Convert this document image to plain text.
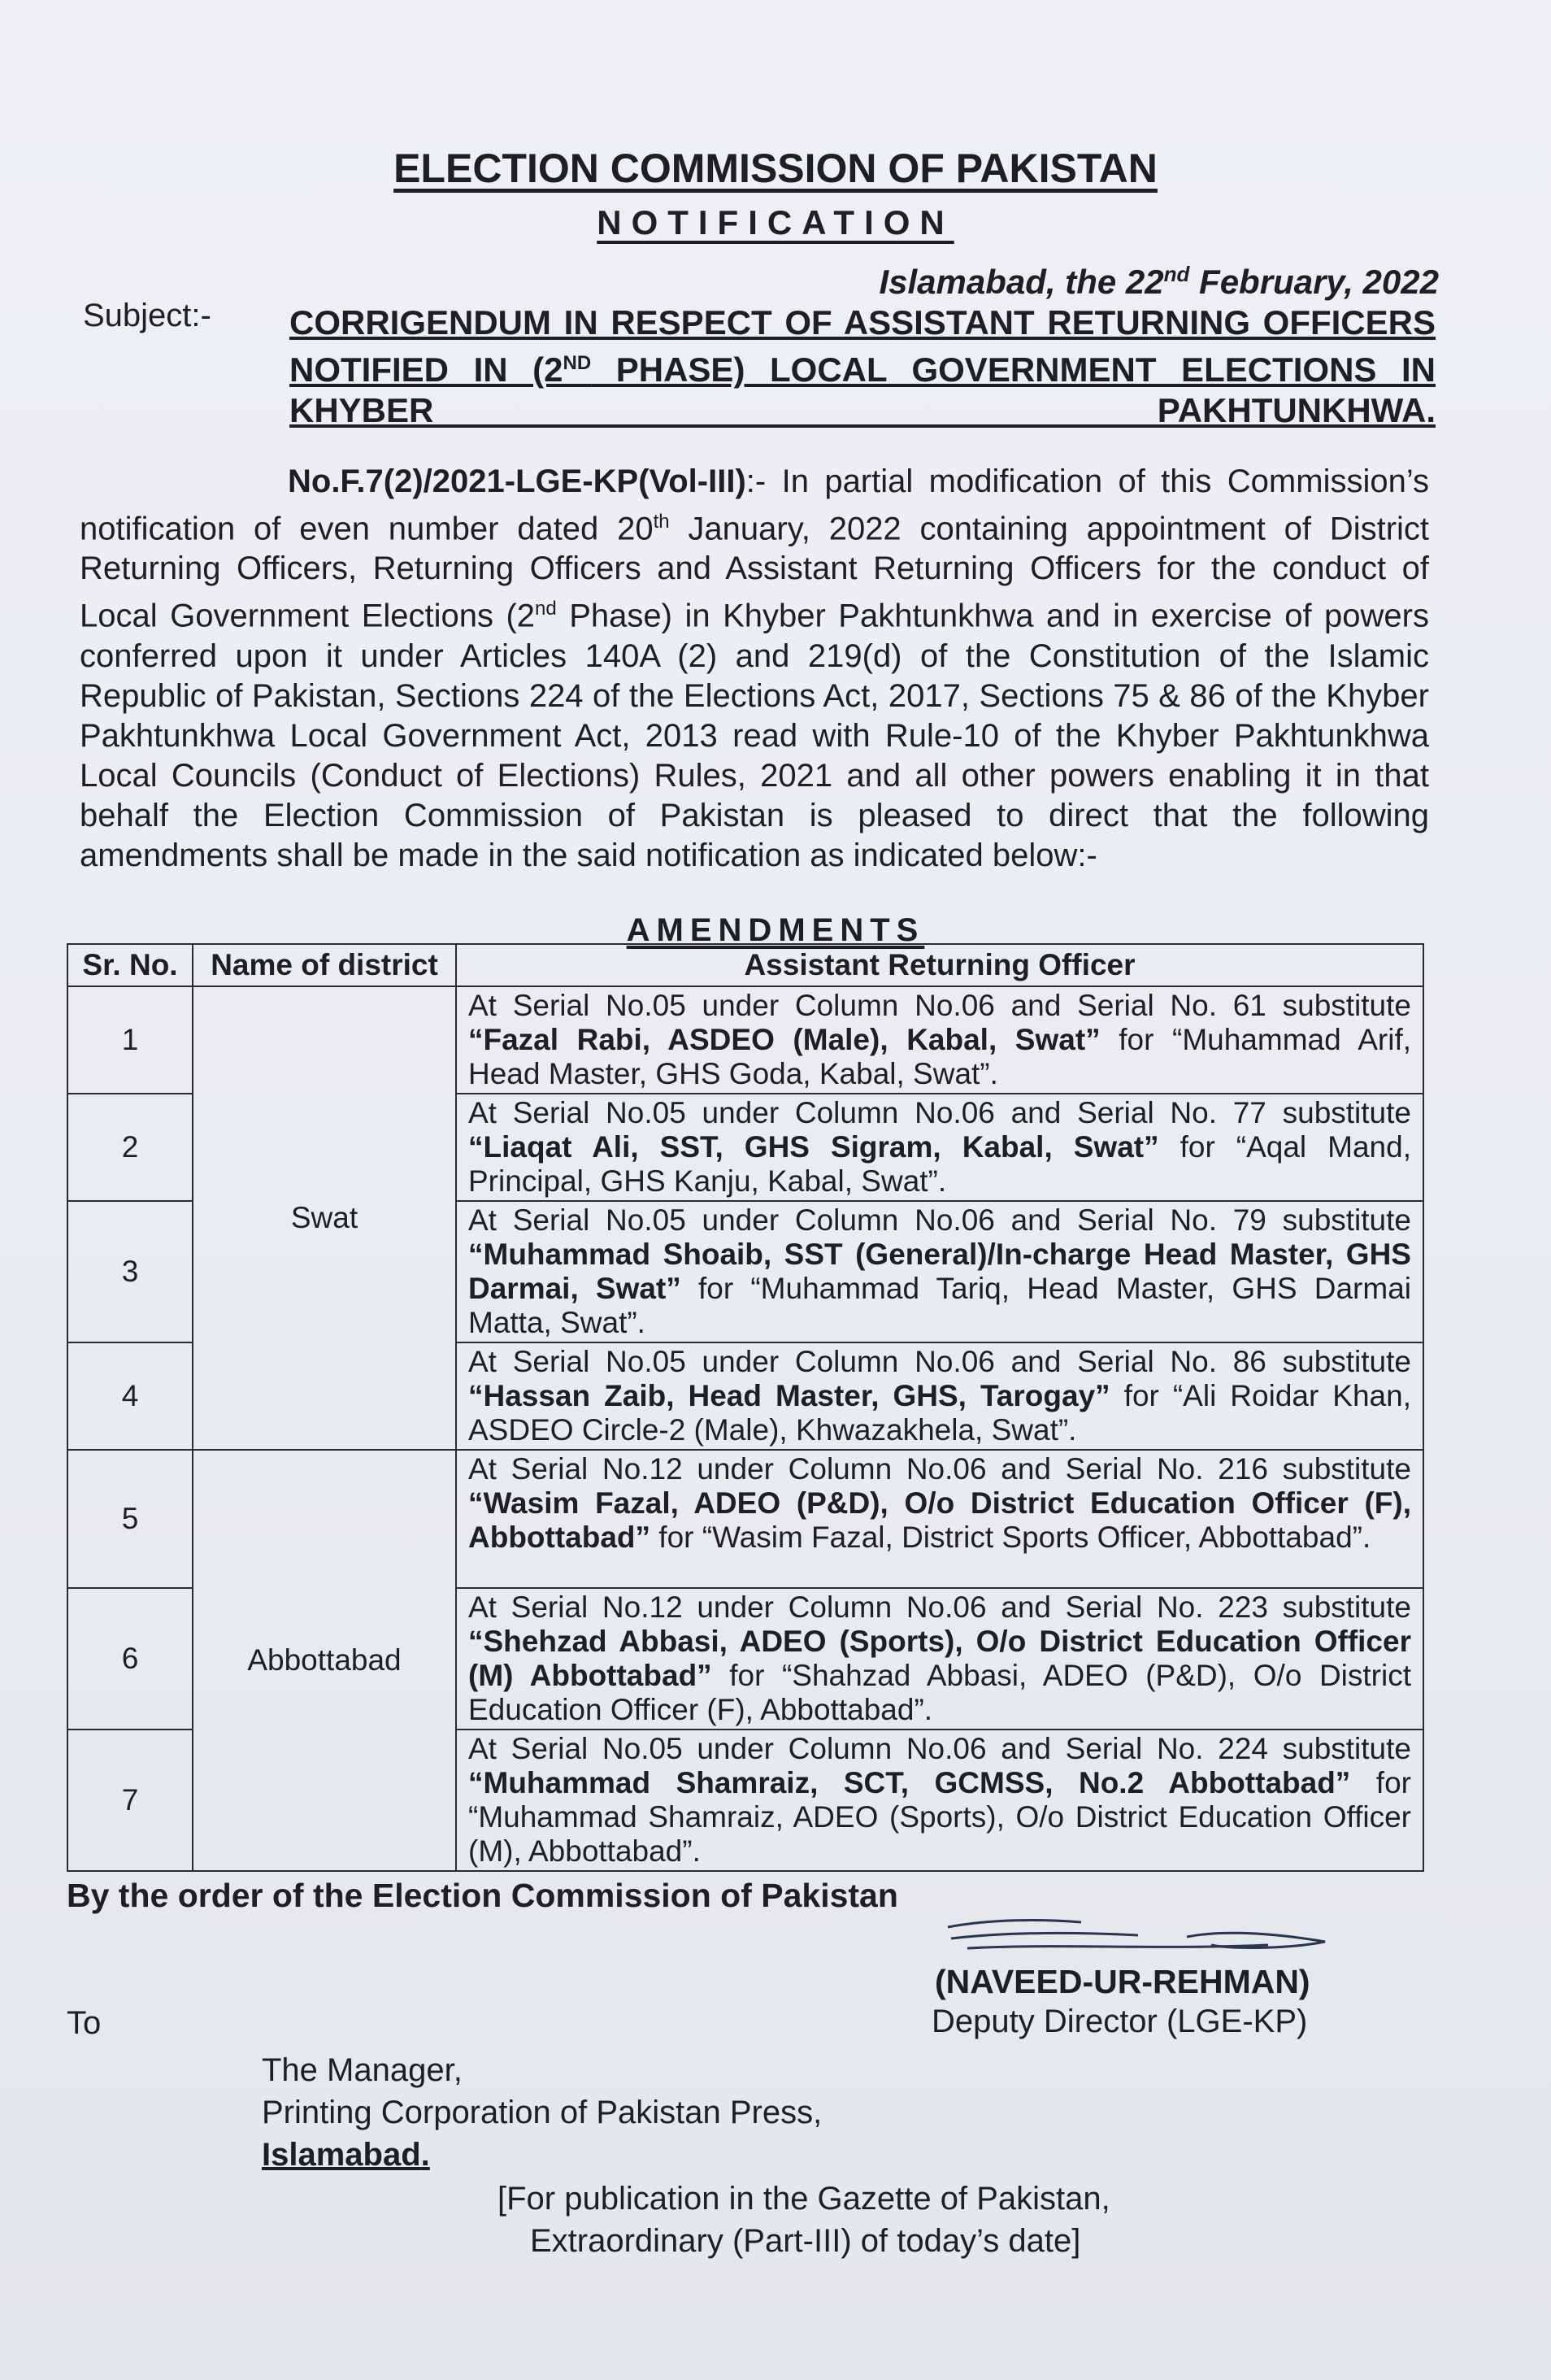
ELECTION COMMISSION OF PAKISTAN
NOTIFICATION
Islamabad, the 22nd February, 2022
Subject:- CORRIGENDUM IN RESPECT OF ASSISTANT RETURNING OFFICERS NOTIFIED IN (2ND PHASE) LOCAL GOVERNMENT ELECTIONS IN KHYBER PAKHTUNKHWA.
No.F.7(2)/2021-LGE-KP(Vol-III):- In partial modification of this Commission’s notification of even number dated 20th January, 2022 containing appointment of District Returning Officers, Returning Officers and Assistant Returning Officers for the conduct of Local Government Elections (2nd Phase) in Khyber Pakhtunkhwa and in exercise of powers conferred upon it under Articles 140A (2) and 219(d) of the Constitution of the Islamic Republic of Pakistan, Sections 224 of the Elections Act, 2017, Sections 75 & 86 of the Khyber Pakhtunkhwa Local Government Act, 2013 read with Rule-10 of the Khyber Pakhtunkhwa Local Councils (Conduct of Elections) Rules, 2021 and all other powers enabling it in that behalf the Election Commission of Pakistan is pleased to direct that the following amendments shall be made in the said notification as indicated below:-
AMENDMENTS
Sr. No.	Name of district	Assistant Returning Officer
1	Swat	At Serial No.05 under Column No.06 and Serial No. 61 substitute “Fazal Rabi, ASDEO (Male), Kabal, Swat” for “Muhammad Arif, Head Master, GHS Goda, Kabal, Swat”.
2		At Serial No.05 under Column No.06 and Serial No. 77 substitute “Liaqat Ali, SST, GHS Sigram, Kabal, Swat” for “Aqal Mand, Principal, GHS Kanju, Kabal, Swat”.
3		At Serial No.05 under Column No.06 and Serial No. 79 substitute “Muhammad Shoaib, SST (General)/In-charge Head Master, GHS Darmai, Swat” for “Muhammad Tariq, Head Master, GHS Darmai Matta, Swat”.
4		At Serial No.05 under Column No.06 and Serial No. 86 substitute “Hassan Zaib, Head Master, GHS, Tarogay” for “Ali Roidar Khan, ASDEO Circle-2 (Male), Khwazakhela, Swat”.
5	Abbottabad	At Serial No.12 under Column No.06 and Serial No. 216 substitute “Wasim Fazal, ADEO (P&D), O/o District Education Officer (F), Abbottabad” for “Wasim Fazal, District Sports Officer, Abbottabad”.
6		At Serial No.12 under Column No.06 and Serial No. 223 substitute “Shehzad Abbasi, ADEO (Sports), O/o District Education Officer (M) Abbottabad” for “Shahzad Abbasi, ADEO (P&D), O/o District Education Officer (F), Abbottabad”.
7		At Serial No.05 under Column No.06 and Serial No. 224 substitute “Muhammad Shamraiz, SCT, GCMSS, No.2 Abbottabad” for “Muhammad Shamraiz, ADEO (Sports), O/o District Education Officer (M), Abbottabad”.
By the order of the Election Commission of Pakistan
(NAVEED-UR-REHMAN)
Deputy Director (LGE-KP)
To
The Manager,
Printing Corporation of Pakistan Press,
Islamabad.
[For publication in the Gazette of Pakistan,
Extraordinary (Part-III) of today’s date]
